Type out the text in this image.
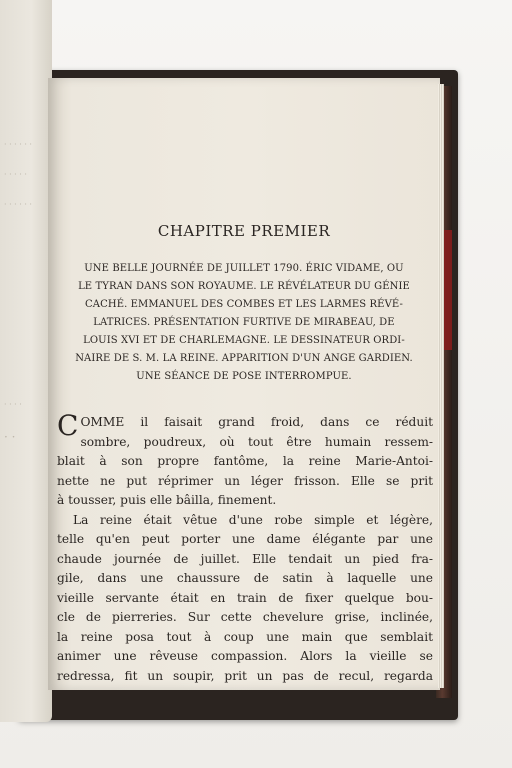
· · · · · ·
· · · · ·
· · · · · ·
· · · ·
· ·
CHAPITRE PREMIER
UNE BELLE JOURNÉE DE JUILLET 1790. ÉRIC VIDAME, OU
LE TYRAN DANS SON ROYAUME. LE RÉVÉLATEUR DU GÉNIE
CACHÉ. EMMANUEL DES COMBES ET LES LARMES RÉVÉ-
LATRICES. PRÉSENTATION FURTIVE DE MIRABEAU, DE
LOUIS XVI ET DE CHARLEMAGNE. LE DESSINATEUR ORDI-
NAIRE DE S. M. LA REINE. APPARITION D'UN ANGE GARDIEN.
UNE SÉANCE DE POSE INTERROMPUE.
C OMME il faisait grand froid, dans ce réduit
sombre, poudreux, où tout être humain ressem-
blait à son propre fantôme, la reine Marie-Antoi-
nette ne put réprimer un léger frisson. Elle se prit
à tousser, puis elle bâilla, finement.
La reine était vêtue d'une robe simple et légère,
telle qu'en peut porter une dame élégante par une
chaude journée de juillet. Elle tendait un pied fra-
gile, dans une chaussure de satin à laquelle une
vieille servante était en train de fixer quelque bou-
cle de pierreries. Sur cette chevelure grise, inclinée,
la reine posa tout à coup une main que semblait
animer une rêveuse compassion. Alors la vieille se
redressa, fit un soupir, prit un pas de recul, regarda
